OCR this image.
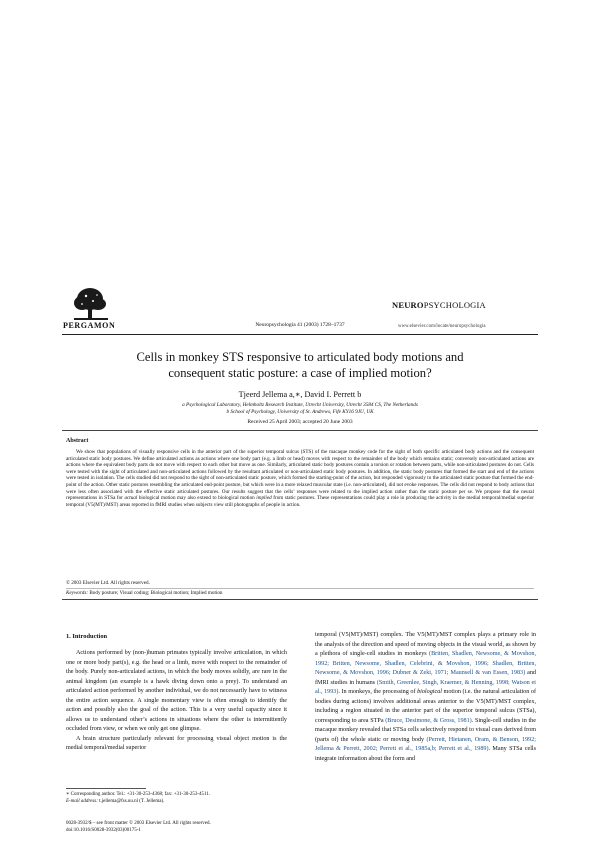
PERGAMON	Neuropsychologia 41 (2003) 1728–1737
NEUROPSYCHOLOGIA
www.elsevier.com/locate/neuropsychologia
Cells in monkey STS responsive to articulated body motions and
consequent static posture: a case of implied motion?
Tjeerd Jellema a,∗, David I. Perrett b
a Psychological Laboratory, Helmholtz Research Institute, Utrecht University, Utrecht 3584 CS, The Netherlands
b School of Psychology, University of St. Andrews, Fife KY16 9JU, UK
Received 25 April 2003; accepted 20 June 2003
Abstract
We show that populations of visually responsive cells in the anterior part of the superior temporal sulcus (STS) of the macaque monkey code for the sight of both specific articulated body actions and the consequent articulated static body postures. We define articulated actions as actions where one body part (e.g. a limb or head) moves with respect to the remainder of the body which remains static; conversely non-articulated actions are actions where the equivalent body parts do not move with respect to each other but move as one. Similarly, articulated static body postures contain a torsion or rotation between parts, while non-articulated postures do not. Cells were tested with the sight of articulated and non-articulated actions followed by the resultant articulated or non-articulated static body postures. In addition, the static body postures that formed the start and end of the actions were tested in isolation. The cells studied did not respond to the sight of non-articulated static posture, which formed the starting-point of the action, but responded vigorously to the articulated static posture that formed the end-point of the action. Other static postures resembling the articulated end-point posture, but which were in a more relaxed muscular state (i.e. non-articulated), did not evoke responses. The cells did not respond to body actions that were less often associated with the effective static articulated postures. Our results suggest that the cells’ responses were related to the implied action rather than the static posture per se. We propose that the neural representations in STSa for actual biological motion may also extend to biological motion implied from static postures. These representations could play a role in producing the activity in the medial temporal/medial superior temporal (V5(MT)/MST) areas reported in fMRI studies when subjects view still photographs of people in action.
© 2003 Elsevier Ltd. All rights reserved.
Keywords: Body posture; Visual coding; Biological motion; Implied motion
1. Introduction
Actions performed by (non-)human primates typically involve articulation, in which one or more body part(s), e.g. the head or a limb, move with respect to the remainder of the body. Purely non-articulated actions, in which the body moves solidly, are rare in the animal kingdom (an example is a hawk diving down onto a prey). To understand an articulated action performed by another individual, we do not necessarily have to witness the entire action sequence. A single momentary view is often enough to identify the action and possibly also the goal of the action. This is a very useful capacity since it allows us to understand other’s actions in situations where the other is intermittently occluded from view, or when we only get one glimpse.
A brain structure particularly relevant for processing visual object motion is the medial temporal/medial superior
temporal (V5(MT)/MST) complex. The V5(MT)/MST complex plays a primary role in the analysis of the direction and speed of moving objects in the visual world, as shown by a plethora of single-cell studies in monkeys (Britten, Shadlen, Newsome, & Movshon, 1992; Britten, Newsome, Shadlen, Celebrini, & Movshon, 1996; Shadlen, Britten, Newsome, & Movshon, 1996; Dubner & Zeki, 1971; Maunsell & van Essen, 1983) and fMRI studies in humans (Smith, Greenlee, Singh, Kraemer, & Henning, 1998; Watson et al., 1993). In monkeys, the processing of biological motion (i.e. the natural articulation of bodies during actions) involves additional areas anterior to the V5(MT)/MST complex, including a region situated in the anterior part of the superior temporal sulcus (STSa), corresponding to area STPa (Bruce, Desimone, & Gross, 1981). Single-cell studies in the macaque monkey revealed that STSa cells selectively respond to visual cues derived from (parts of) the whole static or moving body (Perrett, Hietanen, Oram, & Benson, 1992; Jellema & Perrett, 2002; Perrett et al., 1985a,b; Perrett et al., 1989). Many STSa cells integrate information about the form and
∗ Corresponding author. Tel.: +31-30-253-4368; fax: +31-30-253-4511.
E-mail address: t.jellema@fss.uu.nl (T. Jellema).
0028-3932/$ – see front matter © 2003 Elsevier Ltd. All rights reserved.
doi:10.1016/S0028-3932(03)00175-1
